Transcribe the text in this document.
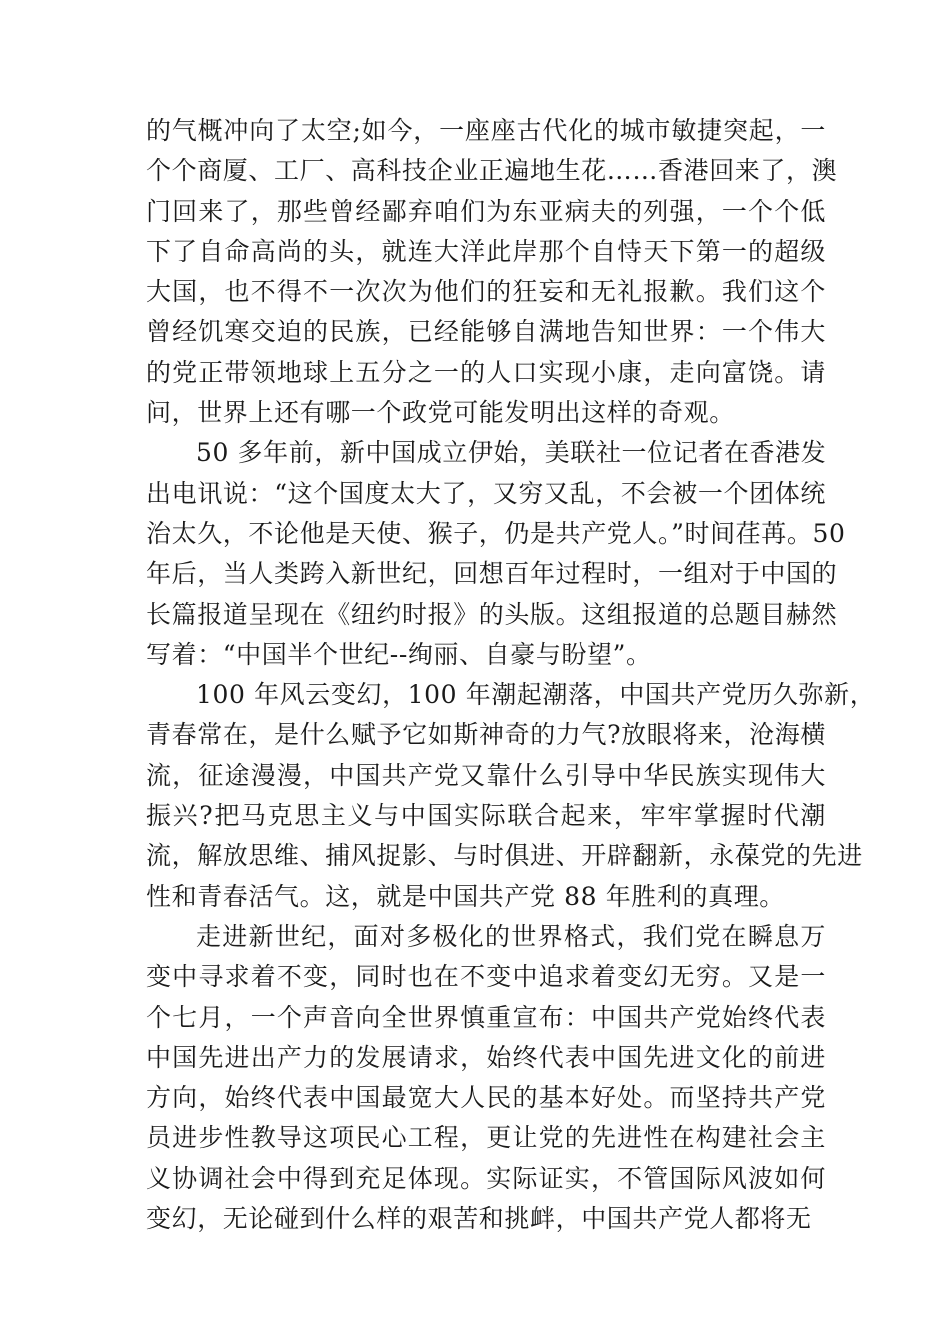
的气概冲向了太空;如今，一座座古代化的城市敏捷突起，一
个个商厦、工厂、高科技企业正遍地生花……香港回来了，澳
门回来了，那些曾经鄙弃咱们为东亚病夫的列强，一个个低
下了自命高尚的头，就连大洋此岸那个自恃天下第一的超级
大国，也不得不一次次为他们的狂妄和无礼报歉。我们这个
曾经饥寒交迫的民族，已经能够自满地告知世界：一个伟大
的党正带领地球上五分之一的人口实现小康，走向富饶。请
问，世界上还有哪一个政党可能发明出这样的奇观。
50 多年前，新中国成立伊始，美联社一位记者在香港发
出电讯说：“这个国度太大了，又穷又乱，不会被一个团体统
治太久，不论他是天使、猴子，仍是共产党人。”时间荏苒。50
年后，当人类跨入新世纪，回想百年过程时，一组对于中国的
长篇报道呈现在《纽约时报》的头版。这组报道的总题目赫然
写着：“中国半个世纪--绚丽、自豪与盼望”。
100 年风云变幻，100 年潮起潮落，中国共产党历久弥新，
青春常在，是什么赋予它如斯神奇的力气?放眼将来，沧海横
流，征途漫漫，中国共产党又靠什么引导中华民族实现伟大
振兴?把马克思主义与中国实际联合起来，牢牢掌握时代潮
流，解放思维、捕风捉影、与时俱进、开辟翻新，永葆党的先进
性和青春活气。这，就是中国共产党 88 年胜利的真理。
走进新世纪，面对多极化的世界格式，我们党在瞬息万
变中寻求着不变，同时也在不变中追求着变幻无穷。又是一
个七月，一个声音向全世界慎重宣布：中国共产党始终代表
中国先进出产力的发展请求，始终代表中国先进文化的前进
方向，始终代表中国最宽大人民的基本好处。而坚持共产党
员进步性教导这项民心工程，更让党的先进性在构建社会主
义协调社会中得到充足体现。实际证实，不管国际风波如何
变幻，无论碰到什么样的艰苦和挑衅，中国共产党人都将无
